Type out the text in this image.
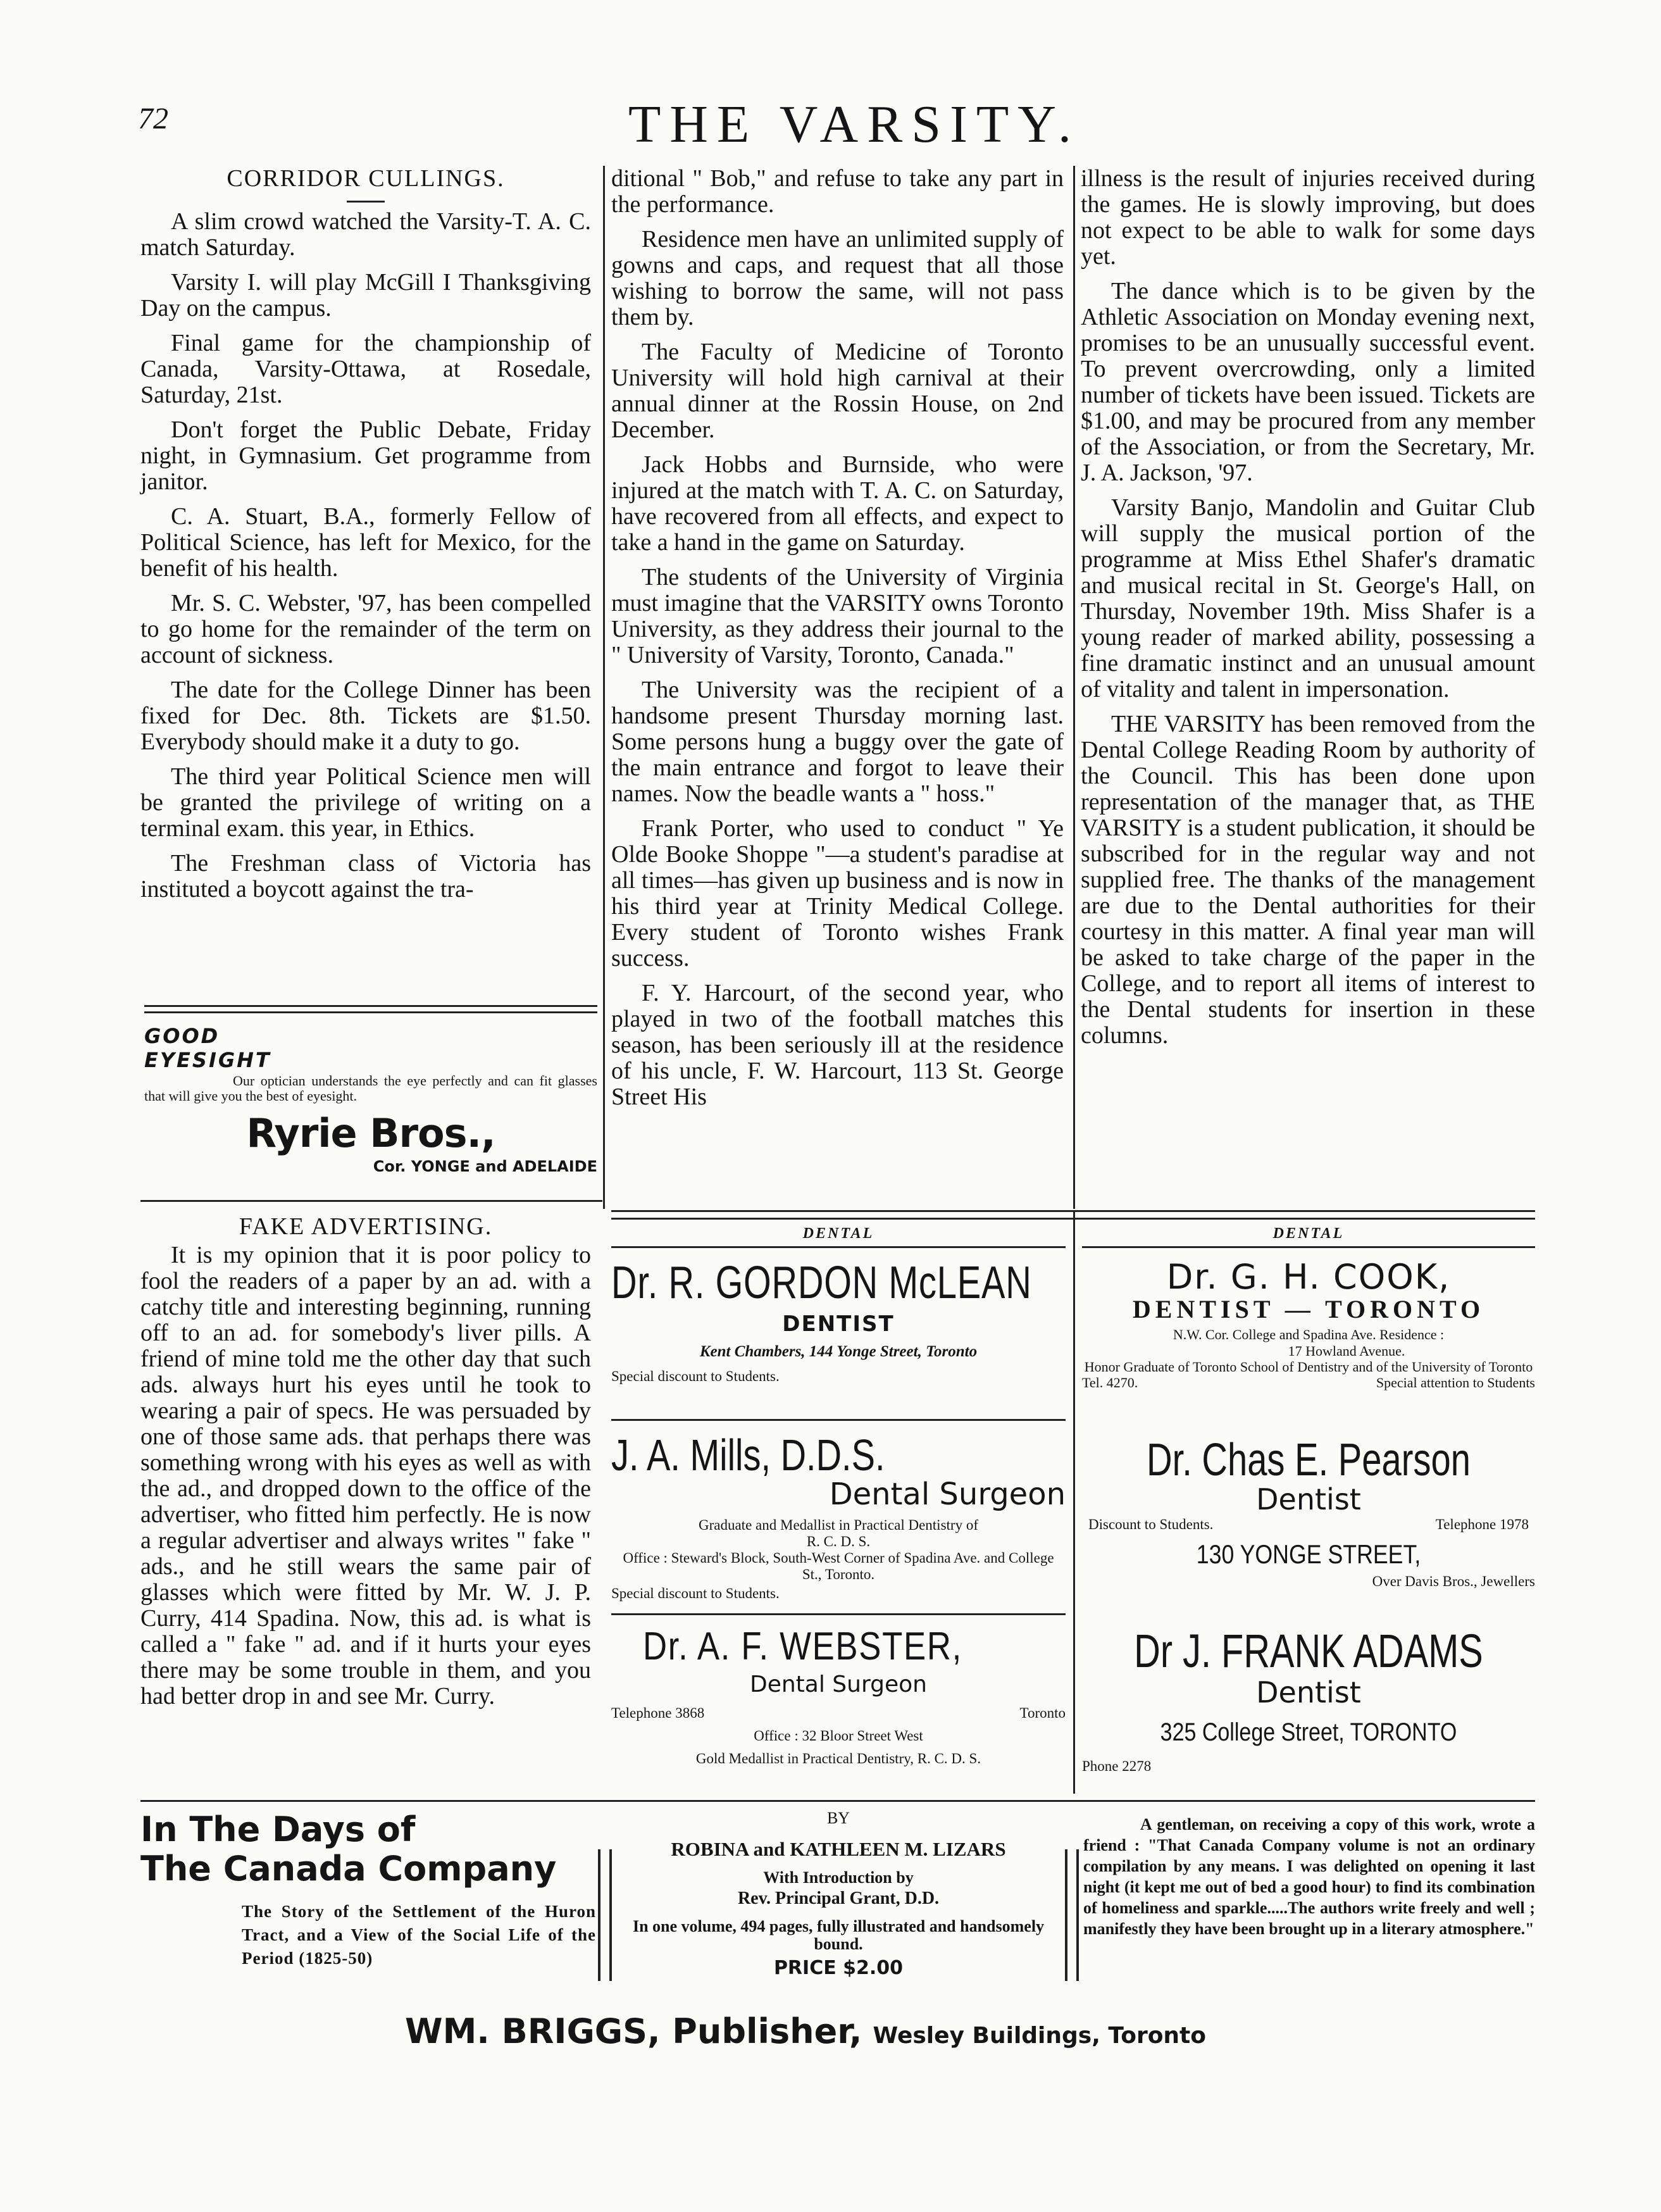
72	THE VARSITY.
CORRIDOR CULLINGS.

A slim crowd watched the Varsity-T. A. C. match Saturday.

Varsity I. will play McGill I Thanksgiving Day on the campus.

Final game for the championship of Canada, Varsity-Ottawa, at Rosedale, Saturday, 21st.

Don't forget the Public Debate, Friday night, in Gymnasium. Get programme from janitor.

C. A. Stuart, B.A., formerly Fellow of Political Science, has left for Mexico, for the benefit of his health.

Mr. S. C. Webster, '97, has been compelled to go home for the remainder of the term on account of sickness.

The date for the College Dinner has been fixed for Dec. 8th. Tickets are $1.50. Everybody should make it a duty to go.

The third year Political Science men will be granted the privilege of writing on a terminal exam. this year, in Ethics.

The Freshman class of Victoria has instituted a boycott against the tra-

GOOD
EYESIGHT
Our optician understands the eye perfectly and can fit glasses that will give you the best of eyesight.
Ryrie Bros.,
Cor. YONGE and ADELAIDE

ditional " Bob," and refuse to take any part in the performance.

Residence men have an unlimited supply of gowns and caps, and request that all those wishing to borrow the same, will not pass them by.

The Faculty of Medicine of Toronto University will hold high carnival at their annual dinner at the Rossin House, on 2nd December.

Jack Hobbs and Burnside, who were injured at the match with T. A. C. on Saturday, have recovered from all effects, and expect to take a hand in the game on Saturday.

The students of the University of Virginia must imagine that the VARSITY owns Toronto University, as they address their journal to the " University of Varsity, Toronto, Canada."

The University was the recipient of a handsome present Thursday morning last. Some persons hung a buggy over the gate of the main entrance and forgot to leave their names. Now the beadle wants a " hoss."

Frank Porter, who used to conduct " Ye Olde Booke Shoppe "—a student's paradise at all times—has given up business and is now in his third year at Trinity Medical College. Every student of Toronto wishes Frank success.

F. Y. Harcourt, of the second year, who played in two of the football matches this season, has been seriously ill at the residence of his uncle, F. W. Harcourt, 113 St. George Street His

illness is the result of injuries received during the games. He is slowly improving, but does not expect to be able to walk for some days yet.

The dance which is to be given by the Athletic Association on Monday evening next, promises to be an unusually successful event. To prevent overcrowding, only a limited number of tickets have been issued. Tickets are $1.00, and may be procured from any member of the Association, or from the Secretary, Mr. J. A. Jackson, '97.

Varsity Banjo, Mandolin and Guitar Club will supply the musical portion of the programme at Miss Ethel Shafer's dramatic and musical recital in St. George's Hall, on Thursday, November 19th. Miss Shafer is a young reader of marked ability, possessing a fine dramatic instinct and an unusual amount of vitality and talent in impersonation.

THE VARSITY has been removed from the Dental College Reading Room by authority of the Council. This has been done upon representation of the manager that, as THE VARSITY is a student publication, it should be subscribed for in the regular way and not supplied free. The thanks of the management are due to the Dental authorities for their courtesy in this matter. A final year man will be asked to take charge of the paper in the College, and to report all items of interest to the Dental students for insertion in these columns.

FAKE ADVERTISING.

It is my opinion that it is poor policy to fool the readers of a paper by an ad. with a catchy title and interesting beginning, running off to an ad. for somebody's liver pills. A friend of mine told me the other day that such ads. always hurt his eyes until he took to wearing a pair of specs. He was persuaded by one of those same ads. that perhaps there was something wrong with his eyes as well as with the ad., and dropped down to the office of the advertiser, who fitted him perfectly. He is now a regular advertiser and always writes " fake " ads., and he still wears the same pair of glasses which were fitted by Mr. W. J. P. Curry, 414 Spadina. Now, this ad. is what is called a " fake " ad. and if it hurts your eyes there may be some trouble in them, and you had better drop in and see Mr. Curry.

DENTAL
Dr. R. GORDON McLEAN
DENTIST
Kent Chambers, 144 Yonge Street, Toronto
Special discount to Students.
J. A. Mills, D.D.S.
Dental Surgeon
Graduate and Medallist in Practical Dentistry of
R. C. D. S.
Office : Steward's Block, South-West Corner of Spadina Ave. and College St., Toronto.
Special discount to Students.
Dr. A. F. WEBSTER,
Dental Surgeon
Telephone 3868	Toronto
Office : 32 Bloor Street West
Gold Medallist in Practical Dentistry, R. C. D. S.
DENTAL
Dr. G. H. COOK,
DENTIST — TORONTO
N.W. Cor. College and Spadina Ave. Residence :
17 Howland Avenue.
Honor Graduate of Toronto School of Dentistry and of the University of Toronto
Tel. 4270.	Special attention to Students
Dr. Chas E. Pearson
Dentist
Discount to Students.	Telephone 1978
130 YONGE STREET,
Over Davis Bros., Jewellers
Dr J. FRANK ADAMS
Dentist
325 College Street, TORONTO
Phone 2278
In The Days of
The Canada Company
The Story of the Settlement of the Huron Tract, and a View of the Social Life of the Period (1825-50)
BY
ROBINA and KATHLEEN M. LIZARS
With Introduction by
Rev. Principal Grant, D.D.
In one volume, 494 pages, fully illustrated and handsomely bound.
PRICE $2.00
A gentleman, on receiving a copy of this work, wrote a friend : "That Canada Company volume is not an ordinary compilation by any means. I was delighted on opening it last night (it kept me out of bed a good hour) to find its combination of homeliness and sparkle.....The authors write freely and well ; manifestly they have been brought up in a literary atmosphere."
WM. BRIGGS, Publisher, Wesley Buildings, Toronto
